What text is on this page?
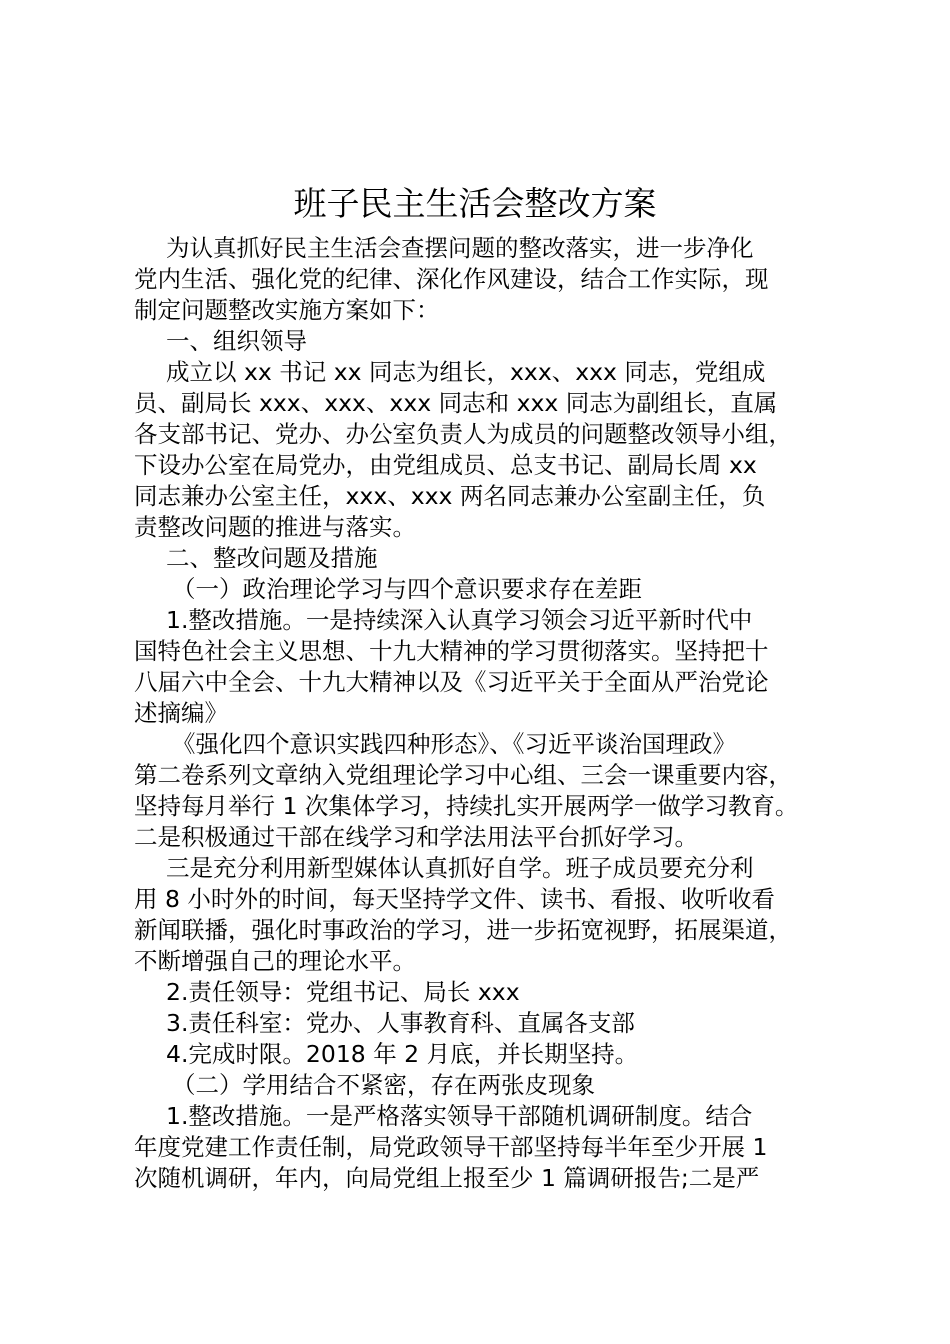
班子民主生活会整改方案
为认真抓好民主生活会查摆问题的整改落实，进一步净化
党内生活、强化党的纪律、深化作风建设，结合工作实际，现
制定问题整改实施方案如下：
一、组织领导
成立以 xx 书记 xx 同志为组长，xxx、xxx 同志，党组成
员、副局长 xxx、xxx、xxx 同志和 xxx 同志为副组长，直属
各支部书记、党办、办公室负责人为成员的问题整改领导小组，
下设办公室在局党办，由党组成员、总支书记、副局长周 xx
同志兼办公室主任，xxx、xxx 两名同志兼办公室副主任，负
责整改问题的推进与落实。
二、整改问题及措施
（一）政治理论学习与四个意识要求存在差距
1.整改措施。一是持续深入认真学习领会习近平新时代中
国特色社会主义思想、十九大精神的学习贯彻落实。坚持把十
八届六中全会、十九大精神以及《习近平关于全面从严治党论
述摘编》
《强化四个意识实践四种形态》、《习近平谈治国理政》
第二卷系列文章纳入党组理论学习中心组、三会一课重要内容，
坚持每月举行 1 次集体学习，持续扎实开展两学一做学习教育。
二是积极通过干部在线学习和学法用法平台抓好学习。
三是充分利用新型媒体认真抓好自学。班子成员要充分利
用 8 小时外的时间，每天坚持学文件、读书、看报、收听收看
新闻联播，强化时事政治的学习，进一步拓宽视野，拓展渠道，
不断增强自己的理论水平。
2.责任领导：党组书记、局长 xxx
3.责任科室：党办、人事教育科、直属各支部
4.完成时限。2018 年 2 月底，并长期坚持。
（二）学用结合不紧密，存在两张皮现象
1.整改措施。一是严格落实领导干部随机调研制度。结合
年度党建工作责任制，局党政领导干部坚持每半年至少开展 1
次随机调研，年内，向局党组上报至少 1 篇调研报告;二是严
